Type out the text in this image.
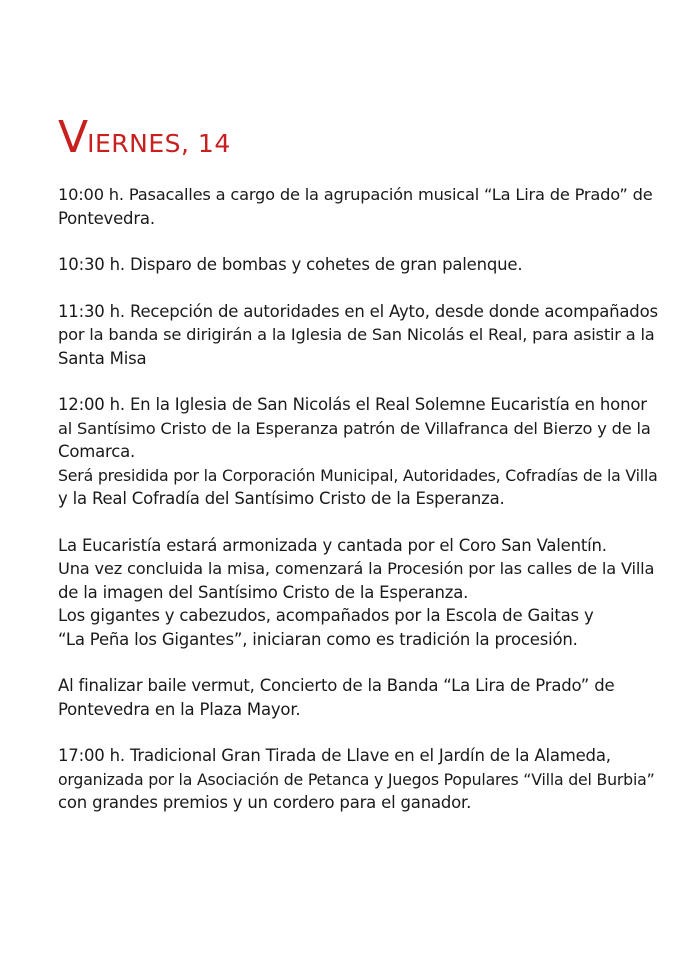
VIERNES, 14

10:00 h. Pasacalles a cargo de la agrupación musical “La Lira de Prado” de
Pontevedra.

10:30 h. Disparo de bombas y cohetes de gran palenque.

11:30 h. Recepción de autoridades en el Ayto, desde donde acompañados
por la banda se dirigirán a la Iglesia de San Nicolás el Real, para asistir a la
Santa Misa

12:00 h. En la Iglesia de San Nicolás el Real Solemne Eucaristía en honor
al Santísimo Cristo de la Esperanza patrón de Villafranca del Bierzo y de la
Comarca.
Será presidida por la Corporación Municipal, Autoridades, Cofradías de la Villa
y la Real Cofradía del Santísimo Cristo de la Esperanza.

La Eucaristía estará armonizada y cantada por el Coro San Valentín.
Una vez concluida la misa, comenzará la Procesión por las calles de la Villa
de la imagen del Santísimo Cristo de la Esperanza.
Los gigantes y cabezudos, acompañados por la Escola de Gaitas y
“La Peña los Gigantes”, iniciaran como es tradición la procesión.

Al finalizar baile vermut, Concierto de la Banda “La Lira de Prado” de
Pontevedra en la Plaza Mayor.

17:00 h. Tradicional Gran Tirada de Llave en el Jardín de la Alameda,
organizada por la Asociación de Petanca y Juegos Populares “Villa del Burbia”
con grandes premios y un cordero para el ganador.
